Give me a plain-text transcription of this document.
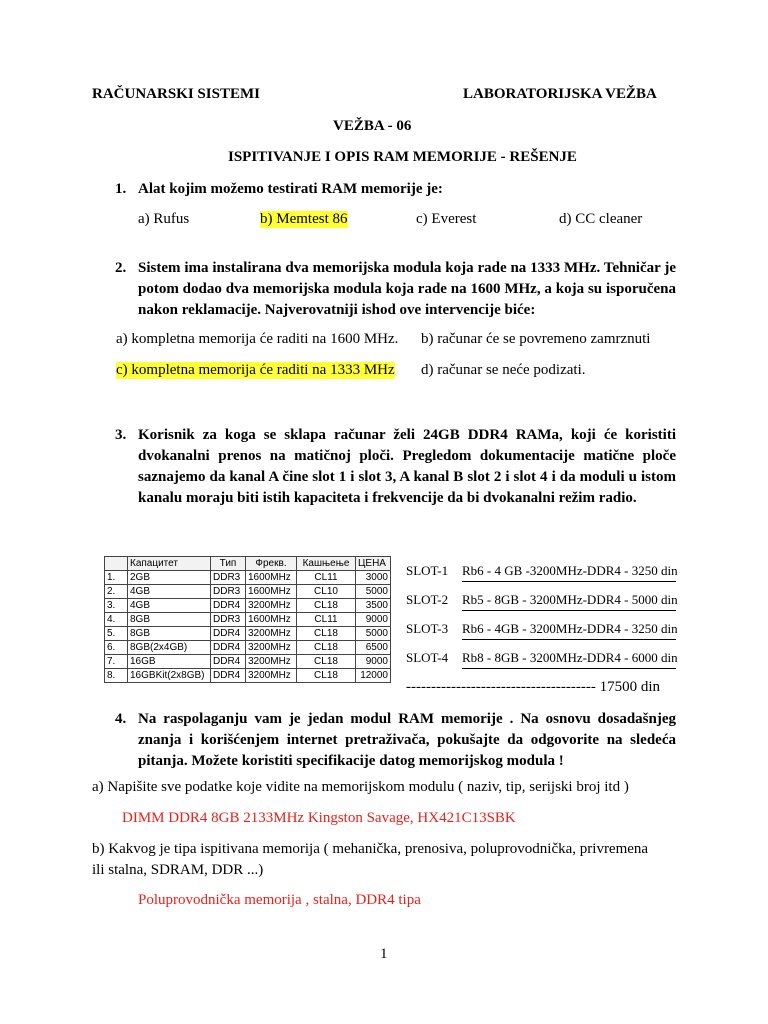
RAČUNARSKI SISTEMI	LABORATORIJSKA VEŽBA
VEŽBA - 06
ISPITIVANJE I OPIS RAM MEMORIJE - REŠENJE
1. Alat kojim možemo testirati RAM memorije je:
a) Rufus	b) Memtest 86	c) Everest	d) CC cleaner
2. Sistem ima instalirana dva memorijska modula koja rade na 1333 MHz. Tehničar je potom dodao dva memorijska modula koja rade na 1600 MHz, a koja su isporučena nakon reklamacije. Najverovatniji ishod ove intervencije biće:
a) kompletna memorija će raditi na 1600 MHz. b) računar će se povremeno zamrznuti
c) kompletna memorija će raditi na 1333 MHz d) računar se neće podizati.
3. Korisnik za koga se sklapa računar želi 24GB DDR4 RAMa, koji će koristiti dvokanalni prenos na matičnoj ploči. Pregledom dokumentacije matične ploče saznajemo da kanal A čine slot 1 i slot 3, A kanal B slot 2 i slot 4 i da moduli u istom kanalu moraju biti istih kapaciteta i frekvencije da bi dvokanalni režim radio.
	Капацитет	Тип	Фрекв.	Кашњење	ЦЕНА
1.	2GB	DDR3	1600MHz	CL11	3000
2.	4GB	DDR3	1600MHz	CL10	5000
3.	4GB	DDR4	3200MHz	CL18	3500
4.	8GB	DDR3	1600MHz	CL11	9000
5.	8GB	DDR4	3200MHz	CL18	5000
6.	8GB(2x4GB)	DDR4	3200MHz	CL18	6500
7.	16GB	DDR4	3200MHz	CL18	9000
8.	16GBKit(2x8GB)	DDR4	3200MHz	CL18	12000
SLOT-1 Rb6 - 4 GB -3200MHz-DDR4 - 3250 din
SLOT-2 Rb5 - 8GB - 3200MHz-DDR4 - 5000 din
SLOT-3 Rb6 - 4GB - 3200MHz-DDR4 - 3250 din
SLOT-4 Rb8 - 8GB - 3200MHz-DDR4 - 6000 din
-------------------------------------- 17500 din
4. Na raspolaganju vam je jedan modul RAM memorije . Na osnovu dosadašnjeg znanja i korišćenjem internet pretraživača, pokušajte da odgovorite na sledeća pitanja. Možete koristiti specifikacije datog memorijskog modula !
a) Napišite sve podatke koje vidite na memorijskom modulu ( naziv, tip, serijski broj itd )
DIMM DDR4 8GB 2133MHz Kingston Savage, HX421C13SBK
b) Kakvog je tipa ispitivana memorija ( mehanička, prenosiva, poluprovodnička, privremena
ili stalna, SDRAM, DDR ...)
Poluprovodnička memorija , stalna, DDR4 tipa
1
